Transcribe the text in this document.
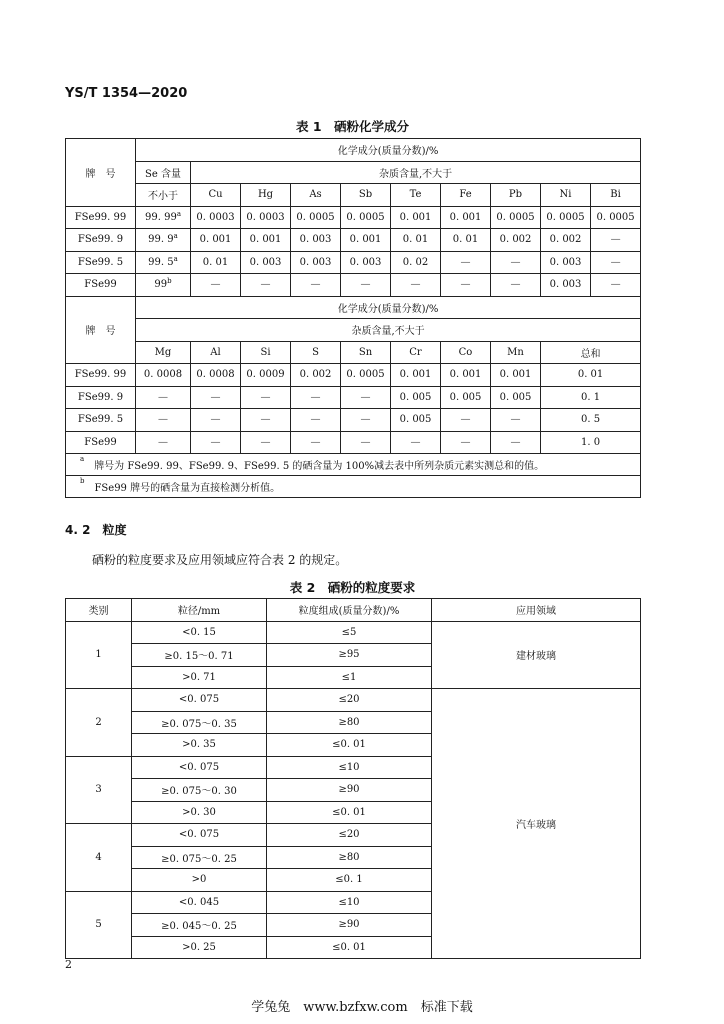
YS/T 1354—2020
表 1　硒粉化学成分
牌　号	化学成分(质量分数)/%									
	Se 含量	杂质含量,不大于								
	不小于	Cu	Hg	As	Sb	Te	Fe	Pb	Ni	Bi
FSe99. 99	99. 99$^a$	0. 0003	0. 0003	0. 0005	0. 0005	0. 001	0. 001	0. 0005	0. 0005	0. 0005
FSe99. 9	99. 9$^a$	0. 001	0. 001	0. 003	0. 001	0. 01	0. 01	0. 002	0. 002	—
FSe99. 5	99. 5$^a$	0. 01	0. 003	0. 003	0. 003	0. 02	—	—	0. 003	—
FSe99	99$^b$	—	—	—	—	—	—	—	0. 003	—
牌　号	化学成分(质量分数)/%									
	杂质含量,不大于									
	Mg	Al	Si	S	Sn	Cr	Co	Mn	总和	
FSe99. 99	0. 0008	0. 0008	0. 0009	0. 002	0. 0005	0. 001	0. 001	0. 001	0. 01	
FSe99. 9	—	—	—	—	—	0. 005	0. 005	0. 005	0. 1	
FSe99. 5	—	—	—	—	—	0. 005	—	—	0. 5	
FSe99	—	—	—	—	—	—	—	—	1. 0	
$^a$牌号为 FSe99. 99、FSe99. 9、FSe99. 5 的硒含量为 100%减去表中所列杂质元素实测总和的值。										
$^b$FSe99 牌号的硒含量为直接检测分析值。										
4. 2　 粒度
硒粉的粒度要求及应用领域应符合表 2 的规定。
表 2　硒粉的粒度要求
类别	粒径/mm	粒度组成(质量分数)/%	应用领域
1	<0. 15	≤5	建材玻璃
	≥0. 15～0. 71	≥95	
	>0. 71	≤1	
2	<0. 075	≤20	汽车玻璃
	≥0. 075～0. 35	≥80	
	>0. 35	≤0. 01	
3	<0. 075	≤10	
	≥0. 075～0. 30	≥90	
	>0. 30	≤0. 01	
4	<0. 075	≤20	
	≥0. 075～0. 25	≥80	
	>0	≤0. 1	
5	<0. 045	≤10	
	≥0. 045～0. 25	≥90	
	>0. 25	≤0. 01	
2
学兔兔　www.bzfxw.com　标准下载
